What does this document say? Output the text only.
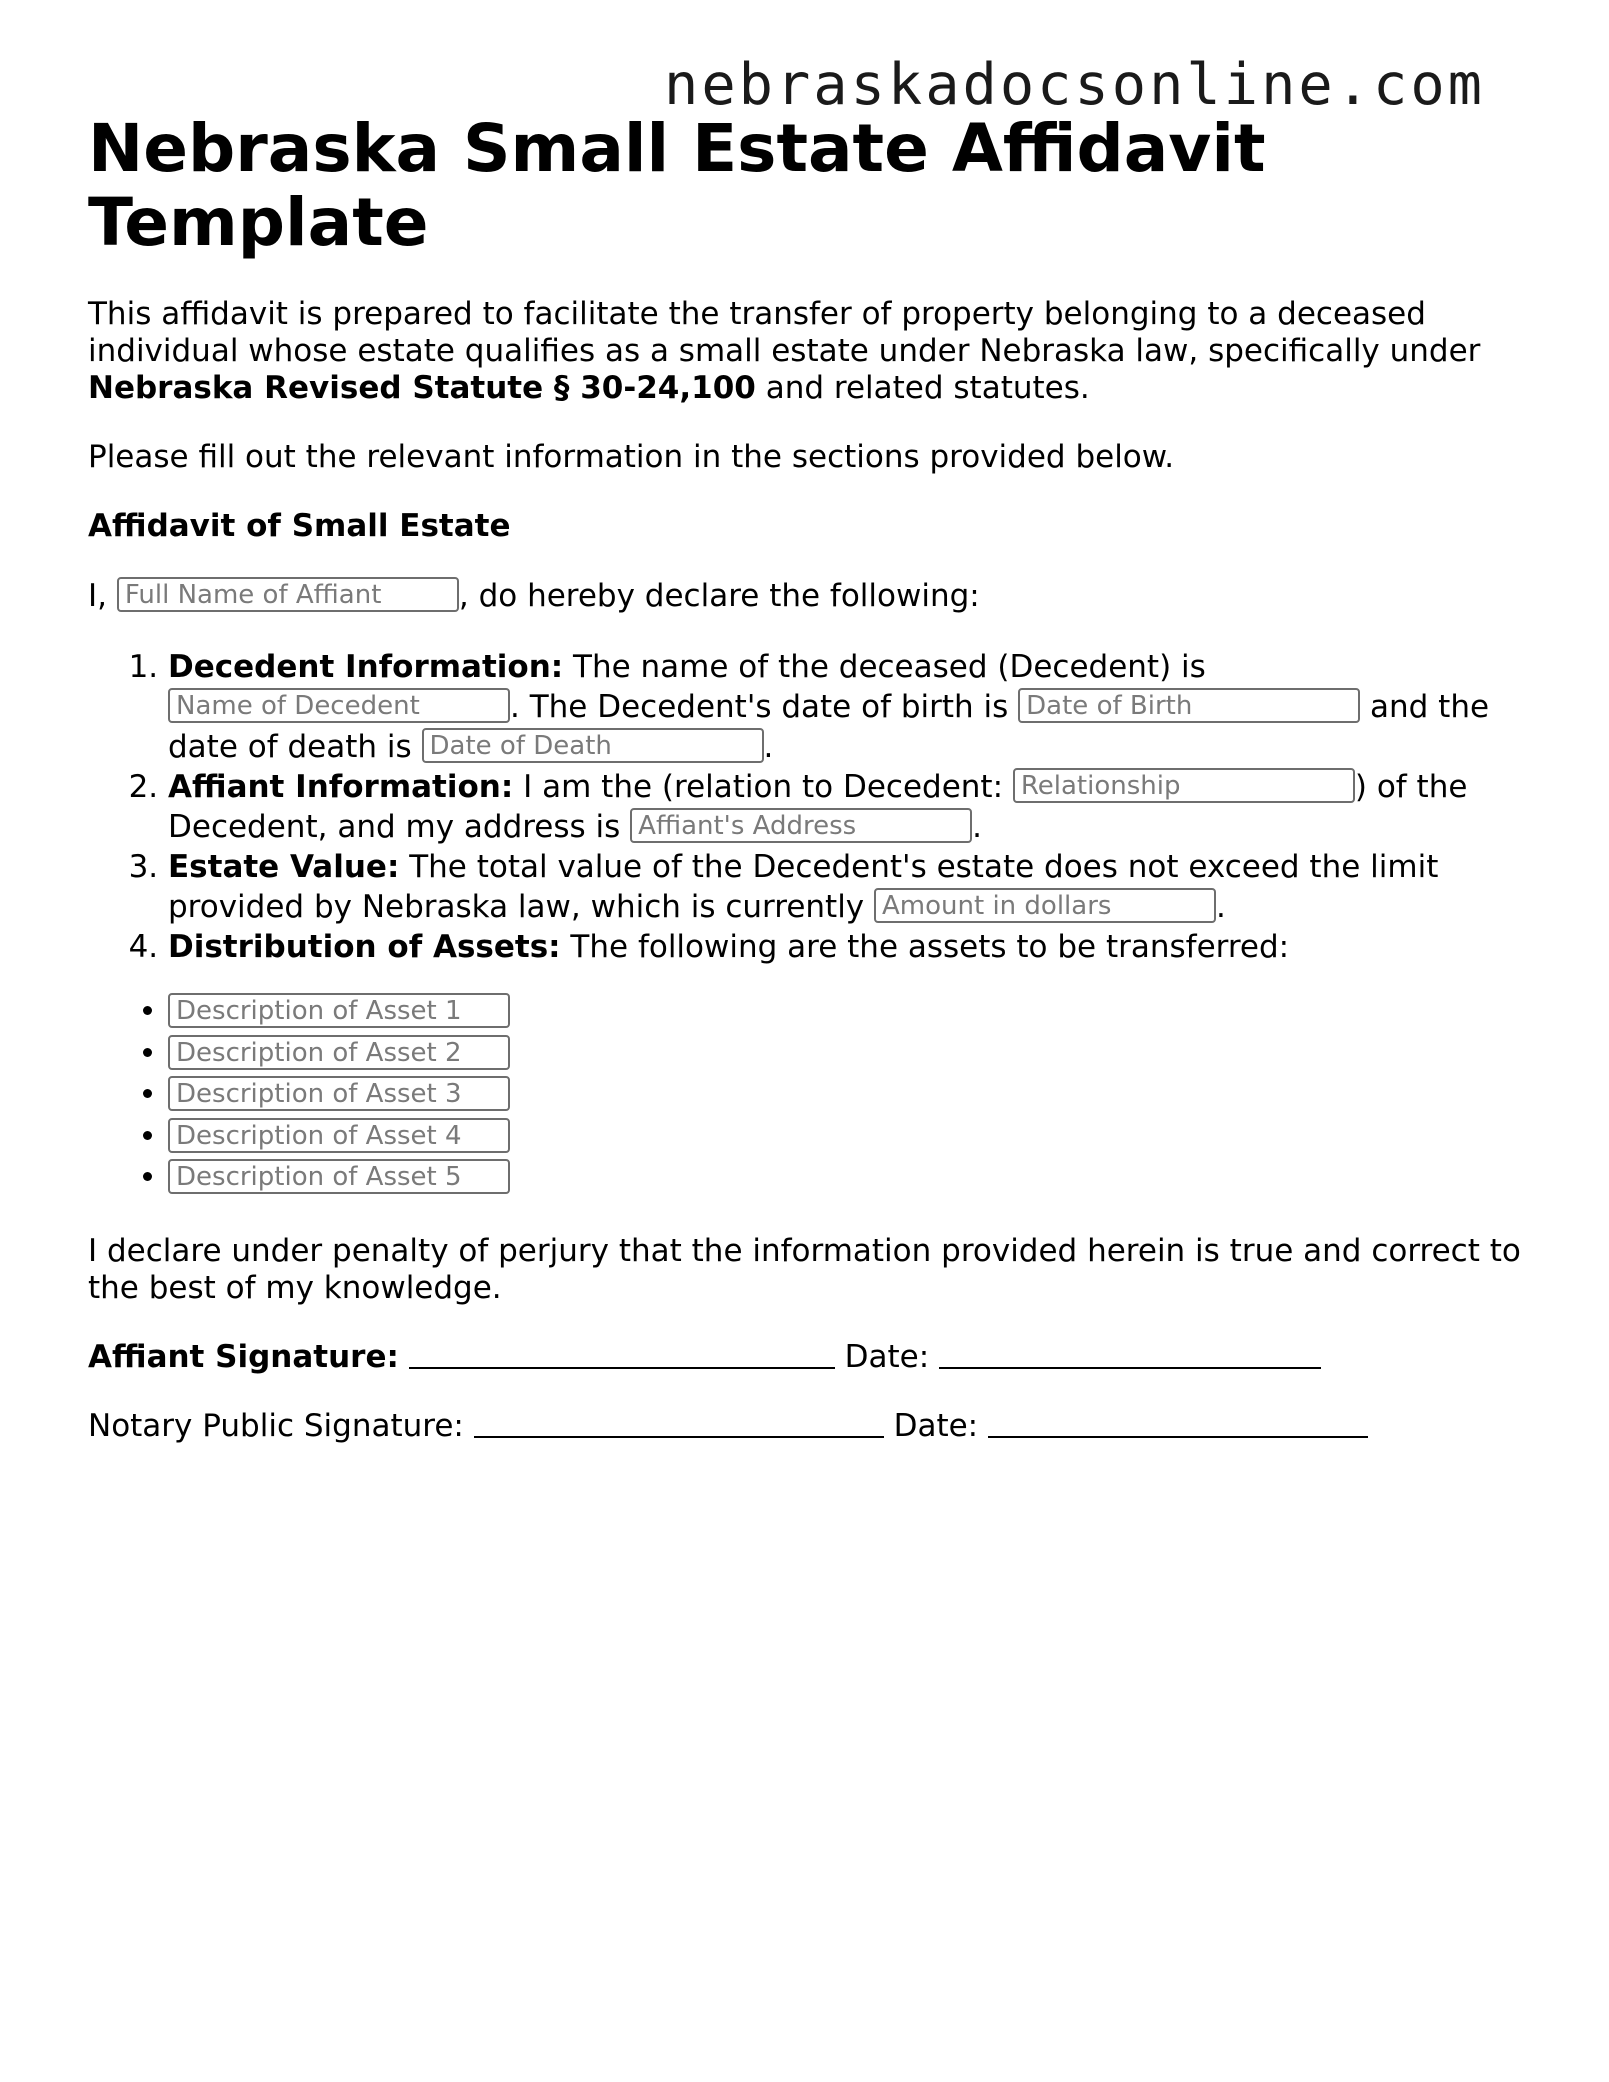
nebraskadocsonline.com
Nebraska Small Estate Affidavit Template

This affidavit is prepared to facilitate the transfer of property belonging to a deceased individual whose estate qualifies as a small estate under Nebraska law, specifically under Nebraska Revised Statute § 30-24,100 and related statutes.

Please fill out the relevant information in the sections provided below.

Affidavit of Small Estate

I, Full Name of Affiant , do hereby declare the following:

1. Decedent Information: The name of the deceased (Decedent) is Name of Decedent	. The Decedent's date of birth is Date of Birth	and the date of death is Date of Death	.
2. Affiant Information: I am the (relation to Decedent: Relationship	) of the Decedent, and my address is Affiant's Address	.
3. Estate Value: The total value of the Decedent's estate does not exceed the limit provided by Nebraska law, which is currently Amount in dollars	.
4. Distribution of Assets: The following are the assets to be transferred:
• Description of Asset 1
• Description of Asset 2
• Description of Asset 3
• Description of Asset 4
• Description of Asset 5

I declare under penalty of perjury that the information provided herein is true and correct to the best of my knowledge.

Affiant Signature:	Date:

Notary Public Signature:	Date:
